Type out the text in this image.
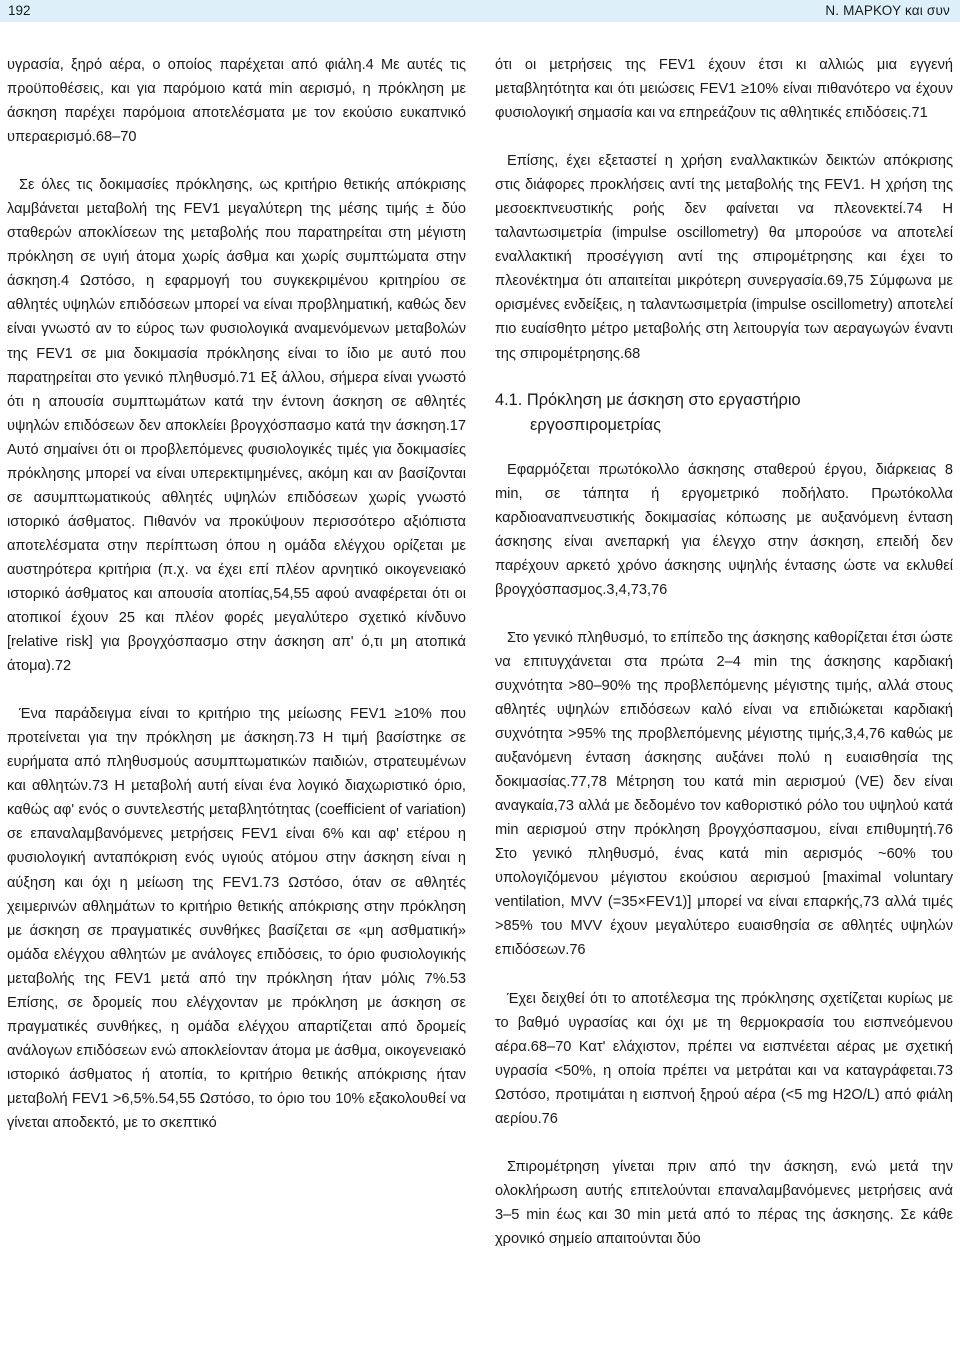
192	Ν. ΜΑΡΚΟΥ και συν

υγρασία, ξηρό αέρα, ο οποίος παρέχεται από φιάλη.4 Με αυτές τις προϋποθέσεις, και για παρόμοιο κατά min αερισμό, η πρόκληση με άσκηση παρέχει παρόμοια αποτελέσματα με τον εκούσιο ευκαπνικό υπεραερισμό.68–70

Σε όλες τις δοκιμασίες πρόκλησης, ως κριτήριο θετικής απόκρισης λαμβάνεται μεταβολή της FEV1 μεγαλύτερη της μέσης τιμής ± δύο σταθερών αποκλίσεων της μεταβολής που παρατηρείται στη μέγιστη πρόκληση σε υγιή άτομα χωρίς άσθμα και χωρίς συμπτώματα στην άσκηση.4 Ωστόσο, η εφαρμογή του συγκεκριμένου κριτηρίου σε αθλητές υψηλών επιδόσεων μπορεί να είναι προβληματική, καθώς δεν είναι γνωστό αν το εύρος των φυσιολογικά αναμενόμενων μεταβολών της FEV1 σε μια δοκιμασία πρόκλησης είναι το ίδιο με αυτό που παρατηρείται στο γενικό πληθυσμό.71 Εξ άλλου, σήμερα είναι γνωστό ότι η απουσία συμπτωμάτων κατά την έντονη άσκηση σε αθλητές υψηλών επιδόσεων δεν αποκλείει βρογχόσπασμο κατά την άσκηση.17 Αυτό σημαίνει ότι οι προβλεπόμενες φυσιολογικές τιμές για δοκιμασίες πρόκλησης μπορεί να είναι υπερεκτιμημένες, ακόμη και αν βασίζονται σε ασυμπτωματικούς αθλητές υψηλών επιδόσεων χωρίς γνωστό ιστορικό άσθματος. Πιθανόν να προκύψουν περισσότερο αξιόπιστα αποτελέσματα στην περίπτωση όπου η ομάδα ελέγχου ορίζεται με αυστηρότερα κριτήρια (π.χ. να έχει επί πλέον αρνητικό οικογενειακό ιστορικό άσθματος και απουσία ατοπίας,54,55 αφού αναφέρεται ότι οι ατοπικοί έχουν 25 και πλέον φορές μεγαλύτερο σχετικό κίνδυνο [relative risk] για βρογχόσπασμο στην άσκηση απ' ό,τι μη ατοπικά άτομα).72

Ένα παράδειγμα είναι το κριτήριο της μείωσης FEV1 ≥10% που προτείνεται για την πρόκληση με άσκηση.73 Η τιμή βασίστηκε σε ευρήματα από πληθυσμούς ασυμπτωματικών παιδιών, στρατευμένων και αθλητών.73 Η μεταβολή αυτή είναι ένα λογικό διαχωριστικό όριο, καθώς αφ' ενός ο συντελεστής μεταβλητότητας (coefficient of variation) σε επαναλαμβανόμενες μετρήσεις FEV1 είναι 6% και αφ' ετέρου η φυσιολογική ανταπόκριση ενός υγιούς ατόμου στην άσκηση είναι η αύξηση και όχι η μείωση της FEV1.73 Ωστόσο, όταν σε αθλητές χειμερινών αθλημάτων το κριτήριο θετικής απόκρισης στην πρόκληση με άσκηση σε πραγματικές συνθήκες βασίζεται σε «μη ασθματική» ομάδα ελέγχου αθλητών με ανάλογες επιδόσεις, το όριο φυσιολογικής μεταβολής της FEV1 μετά από την πρόκληση ήταν μόλις 7%.53 Επίσης, σε δρομείς που ελέγχονταν με πρόκληση με άσκηση σε πραγματικές συνθήκες, η ομάδα ελέγχου απαρτίζεται από δρομείς ανάλογων επιδόσεων ενώ αποκλείονταν άτομα με άσθμα, οικογενειακό ιστορικό άσθματος ή ατοπία, το κριτήριο θετικής απόκρισης ήταν μεταβολή FEV1 >6,5%.54,55 Ωστόσο, το όριο του 10% εξακολουθεί να γίνεται αποδεκτό, με το σκεπτικό

ότι οι μετρήσεις της FEV1 έχουν έτσι κι αλλιώς μια εγγενή μεταβλητότητα και ότι μειώσεις FEV1 ≥10% είναι πιθανότερο να έχουν φυσιολογική σημασία και να επηρεάζουν τις αθλητικές επιδόσεις.71

Επίσης, έχει εξεταστεί η χρήση εναλλακτικών δεικτών απόκρισης στις διάφορες προκλήσεις αντί της μεταβολής της FEV1. Η χρήση της μεσοεκπνευστικής ροής δεν φαίνεται να πλεονεκτεί.74 Η ταλαντωσιμετρία (impulse oscillometry) θα μπορούσε να αποτελεί εναλλακτική προσέγγιση αντί της σπιρομέτρησης και έχει το πλεονέκτημα ότι απαιτείται μικρότερη συνεργασία.69,75 Σύμφωνα με ορισμένες ενδείξεις, η ταλαντωσιμετρία (impulse oscillometry) αποτελεί πιο ευαίσθητο μέτρο μεταβολής στη λειτουργία των αεραγωγών έναντι της σπιρομέτρησης.68

4.1. Πρόκληση με άσκηση στο εργαστήριο
εργοσπιρομετρίας

Εφαρμόζεται πρωτόκολλο άσκησης σταθερού έργου, διάρκειας 8 min, σε τάπητα ή εργομετρικό ποδήλατο. Πρωτόκολλα καρδιοαναπνευστικής δοκιμασίας κόπωσης με αυξανόμενη ένταση άσκησης είναι ανεπαρκή για έλεγχο στην άσκηση, επειδή δεν παρέχουν αρκετό χρόνο άσκησης υψηλής έντασης ώστε να εκλυθεί βρογχόσπασμος.3,4,73,76

Στο γενικό πληθυσμό, το επίπεδο της άσκησης καθορίζεται έτσι ώστε να επιτυγχάνεται στα πρώτα 2–4 min της άσκησης καρδιακή συχνότητα >80–90% της προβλεπόμενης μέγιστης τιμής, αλλά στους αθλητές υψηλών επιδόσεων καλό είναι να επιδιώκεται καρδιακή συχνότητα >95% της προβλεπόμενης μέγιστης τιμής,3,4,76 καθώς με αυξανόμενη ένταση άσκησης αυξάνει πολύ η ευαισθησία της δοκιμασίας.77,78 Μέτρηση του κατά min αερισμού (VE) δεν είναι αναγκαία,73 αλλά με δεδομένο τον καθοριστικό ρόλο του υψηλού κατά min αερισμού στην πρόκληση βρογχόσπασμου, είναι επιθυμητή.76 Στο γενικό πληθυσμό, ένας κατά min αερισμός ~60% του υπολογιζόμενου μέγιστου εκούσιου αερισμού [maximal voluntary ventilation, MVV (=35×FEV1)] μπορεί να είναι επαρκής,73 αλλά τιμές >85% του MVV έχουν μεγαλύτερο ευαισθησία σε αθλητές υψηλών επιδόσεων.76

Έχει δειχθεί ότι το αποτέλεσμα της πρόκλησης σχετίζεται κυρίως με το βαθμό υγρασίας και όχι με τη θερμοκρασία του εισπνεόμενου αέρα.68–70 Κατ' ελάχιστον, πρέπει να εισπνέεται αέρας με σχετική υγρασία <50%, η οποία πρέπει να μετράται και να καταγράφεται.73 Ωστόσο, προτιμάται η εισπνοή ξηρού αέρα (<5 mg H2O/L) από φιάλη αερίου.76

Σπιρομέτρηση γίνεται πριν από την άσκηση, ενώ μετά την ολοκλήρωση αυτής επιτελούνται επαναλαμβανόμενες μετρήσεις ανά 3–5 min έως και 30 min μετά από το πέρας της άσκησης. Σε κάθε χρονικό σημείο απαιτούνται δύο
